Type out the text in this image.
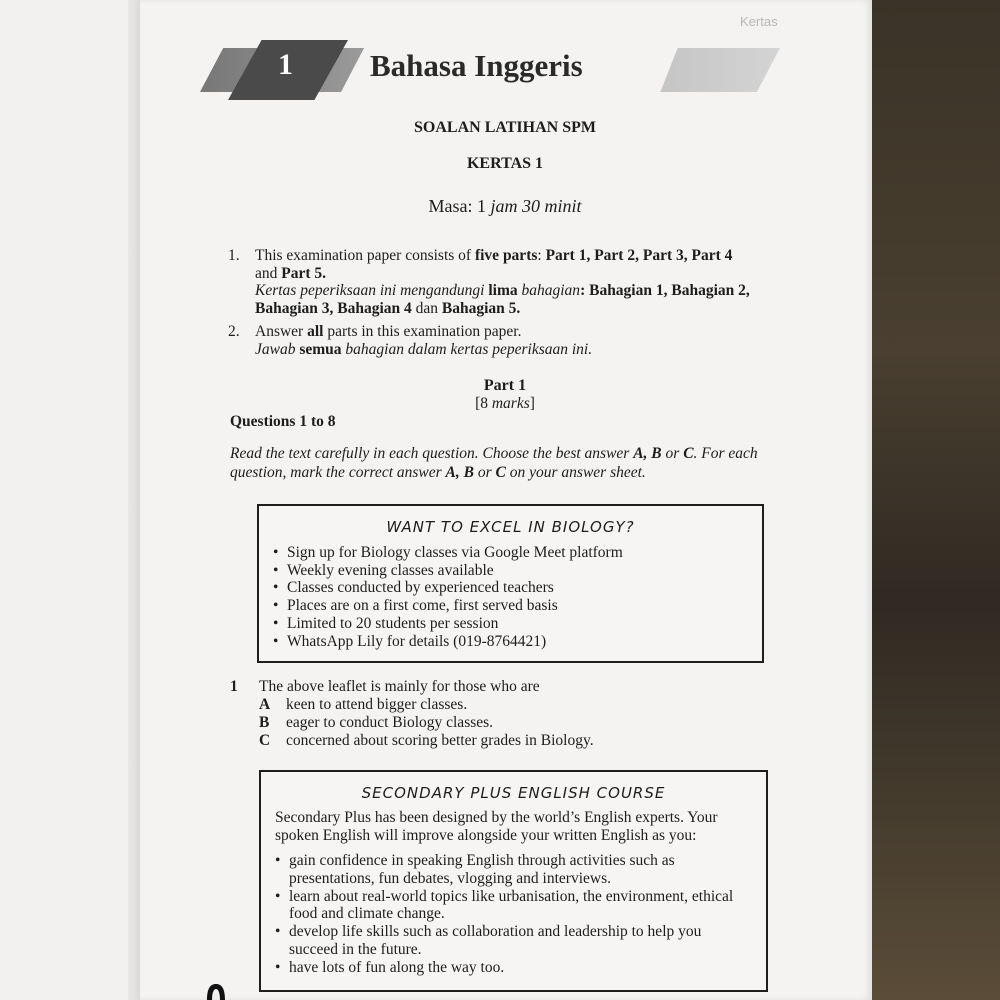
Kertas
1 Bahasa Inggeris
SOALAN LATIHAN SPM
KERTAS 1
Masa: 1 jam 30 minit
1. This examination paper consists of five parts: Part 1, Part 2, Part 3, Part 4
and Part 5.
Kertas peperiksaan ini mengandungi lima bahagian: Bahagian 1, Bahagian 2, Bahagian 3, Bahagian 4 dan Bahagian 5.
2. Answer all parts in this examination paper.
Jawab semua bahagian dalam kertas peperiksaan ini.
Part 1
[8 marks]
Questions 1 to 8
Read the text carefully in each question. Choose the best answer A, B or C. For each question, mark the correct answer A, B or C on your answer sheet.
WANT TO EXCEL IN BIOLOGY?
• Sign up for Biology classes via Google Meet platform
• Weekly evening classes available
• Classes conducted by experienced teachers
• Places are on a first come, first served basis
• Limited to 20 students per session
• WhatsApp Lily for details (019-8764421)
1 The above leaflet is mainly for those who are
A keen to attend bigger classes.
B eager to conduct Biology classes.
C concerned about scoring better grades in Biology.
SECONDARY PLUS ENGLISH COURSE
Secondary Plus has been designed by the world’s English experts. Your spoken English will improve alongside your written English as you:
• gain confidence in speaking English through activities such as presentations, fun debates, vlogging and interviews.
• learn about real-world topics like urbanisation, the environment, ethical food and climate change.
• develop life skills such as collaboration and leadership to help you succeed in the future.
• have lots of fun along the way too.
